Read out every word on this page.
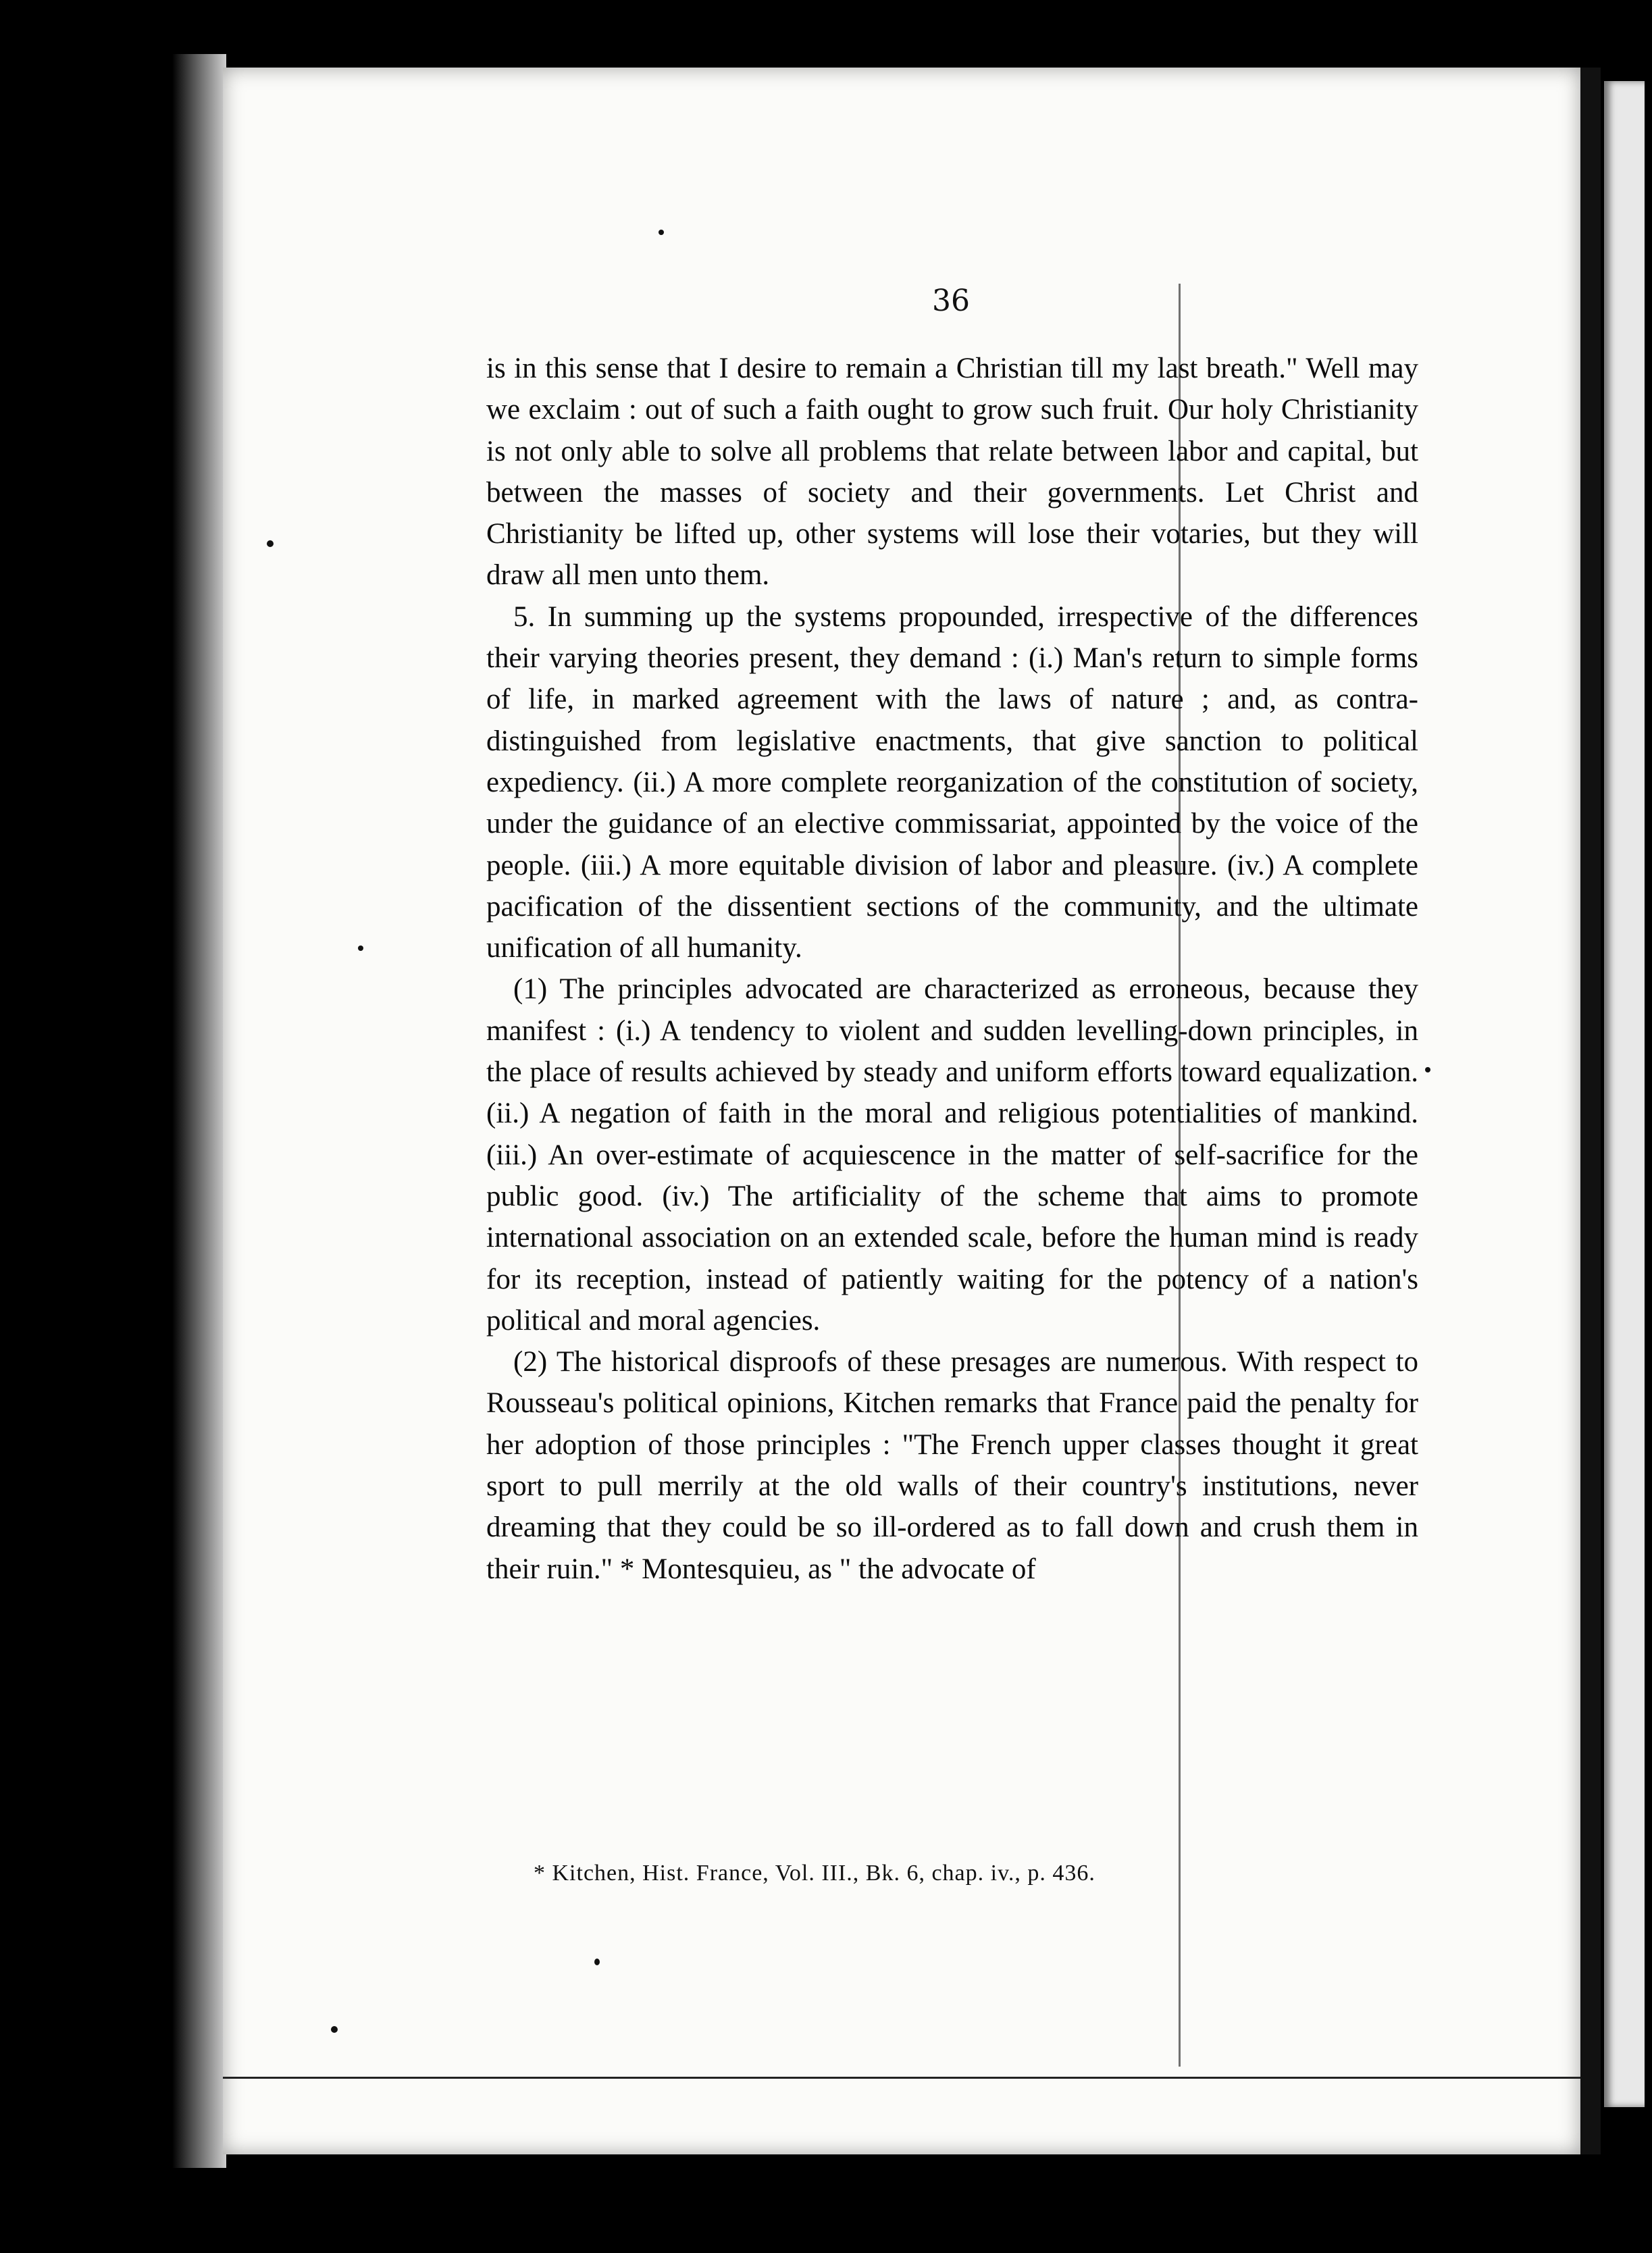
36

is in this sense that I desire to remain a Christian till my last breath." Well may we exclaim : out of such a faith ought to grow such fruit. Our holy Christianity is not only able to solve all problems that relate between labor and capital, but between the masses of society and their governments. Let Christ and Christianity be lifted up, other systems will lose their votaries, but they will draw all men unto them.

5. In summing up the systems propounded, irrespective of the differences their varying theories present, they demand : (i.) Man's return to simple forms of life, in marked agreement with the laws of nature ; and, as contra-distinguished from legislative enactments, that give sanction to political expediency. (ii.) A more complete reorganization of the constitution of society, under the guidance of an elective commissariat, appointed by the voice of the people. (iii.) A more equitable division of labor and pleasure. (iv.) A complete pacification of the dissentient sections of the community, and the ultimate unification of all humanity.

(1) The principles advocated are characterized as erroneous, because they manifest : (i.) A tendency to violent and sudden levelling-down principles, in the place of results achieved by steady and uniform efforts toward equalization. (ii.) A negation of faith in the moral and religious potentialities of mankind. (iii.) An over-estimate of acquiescence in the matter of self-sacrifice for the public good. (iv.) The artificiality of the scheme that aims to promote international association on an extended scale, before the human mind is ready for its reception, instead of patiently waiting for the potency of a nation's political and moral agencies.

(2) The historical disproofs of these presages are numerous. With respect to Rousseau's political opinions, Kitchen remarks that France paid the penalty for her adoption of those principles : "The French upper classes thought it great sport to pull merrily at the old walls of their country's institutions, never dreaming that they could be so ill-ordered as to fall down and crush them in their ruin." * Montesquieu, as " the advocate of

* Kitchen, Hist. France, Vol. III., Bk. 6, chap. iv., p. 436.
